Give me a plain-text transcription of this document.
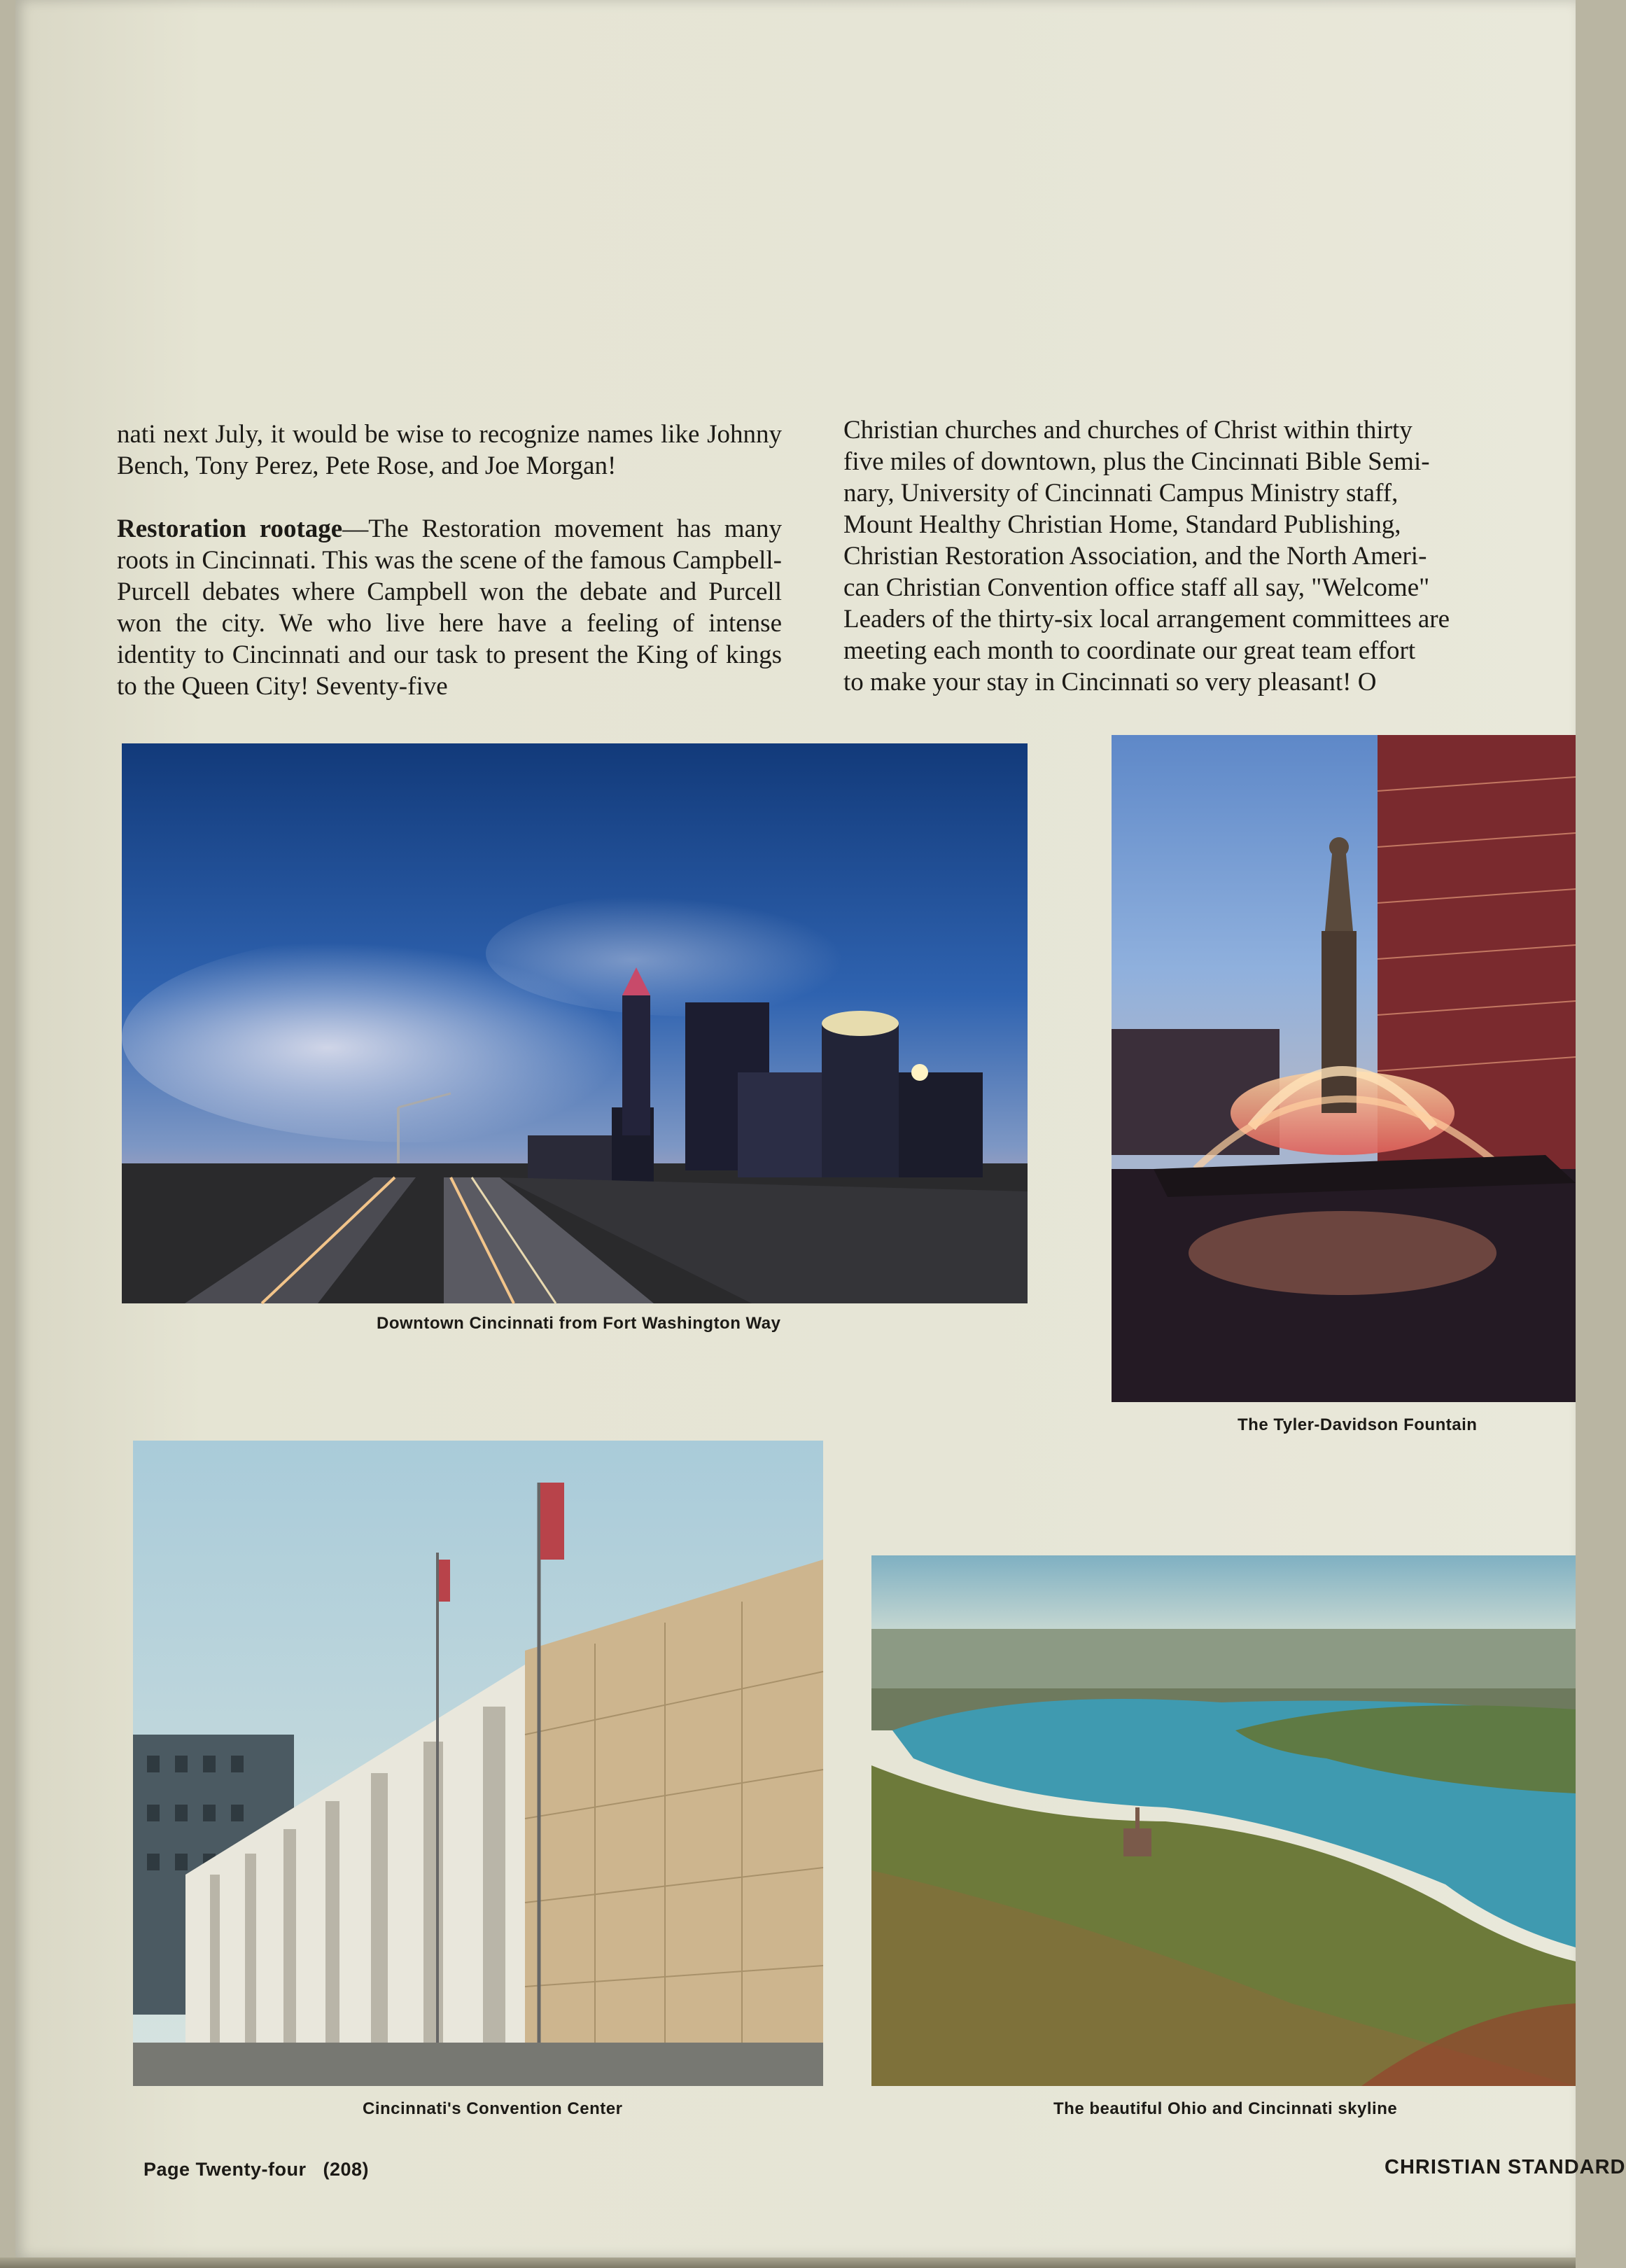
nati next July, it would be wise to recognize names like Johnny Bench, Tony Perez, Pete Rose, and Joe Morgan!

Restoration rootage—The Restoration movement has many roots in Cincinnati. This was the scene of the famous Campbell-Purcell debates where Campbell won the debate and Purcell won the city. We who live here have a feeling of intense identity to Cincinnati and our task to present the King of kings to the Queen City! Seventy-five

Christian churches and churches of Christ within thirty
five miles of downtown, plus the Cincinnati Bible Semi-
nary, University of Cincinnati Campus Ministry staff,
Mount Healthy Christian Home, Standard Publishing,
Christian Restoration Association, and the North Ameri-
can Christian Convention office staff all say, "Welcome"
Leaders of the thirty-six local arrangement committees are
meeting each month to coordinate our great team effort
to make your stay in Cincinnati so very pleasant! O
Downtown Cincinnati from Fort Washington Way
The Tyler-Davidson Fountain
Cincinnati's Convention Center	The beautiful Ohio and Cincinnati skyline
Page Twenty-four   (208)	CHRISTIAN STANDARD
